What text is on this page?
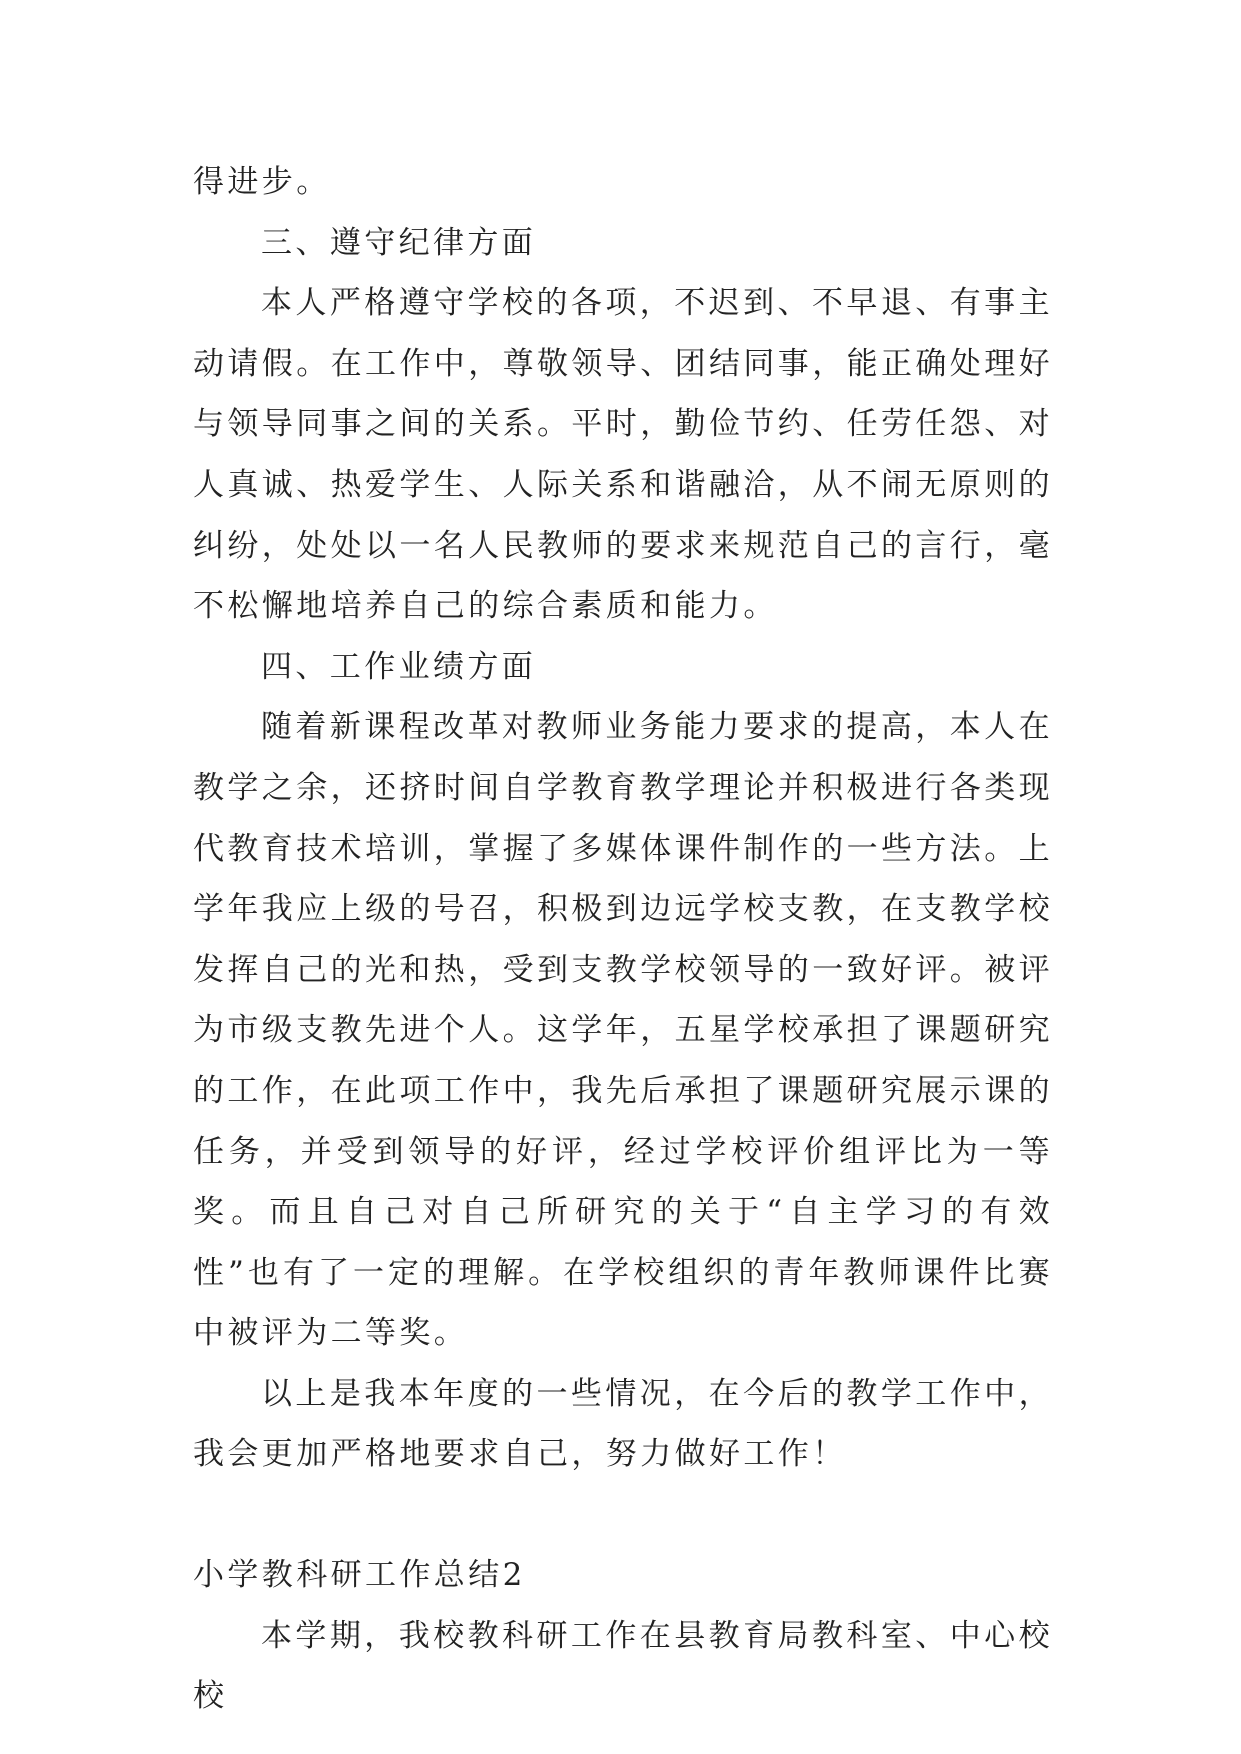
得进步。

三、遵守纪律方面

本人严格遵守学校的各项，不迟到、不早退、有事主动请假。在工作中，尊敬领导、团结同事，能正确处理好与领导同事之间的关系。平时，勤俭节约、任劳任怨、对人真诚、热爱学生、人际关系和谐融洽，从不闹无原则的纠纷，处处以一名人民教师的要求来规范自己的言行，毫不松懈地培养自己的综合素质和能力。

四、工作业绩方面

随着新课程改革对教师业务能力要求的提高，本人在教学之余，还挤时间自学教育教学理论并积极进行各类现代教育技术培训，掌握了多媒体课件制作的一些方法。上学年我应上级的号召，积极到边远学校支教，在支教学校发挥自己的光和热，受到支教学校领导的一致好评。被评为市级支教先进个人。这学年，五星学校承担了课题研究的工作，在此项工作中，我先后承担了课题研究展示课的任务，并受到领导的好评，经过学校评价组评比为一等奖。而且自己对自己所研究的关于“自主学习的有效性”也有了一定的理解。在学校组织的青年教师课件比赛中被评为二等奖。

以上是我本年度的一些情况，在今后的教学工作中，我会更加严格地要求自己，努力做好工作！

小学教科研工作总结2

本学期，我校教科研工作在县教育局教科室、中心校校
